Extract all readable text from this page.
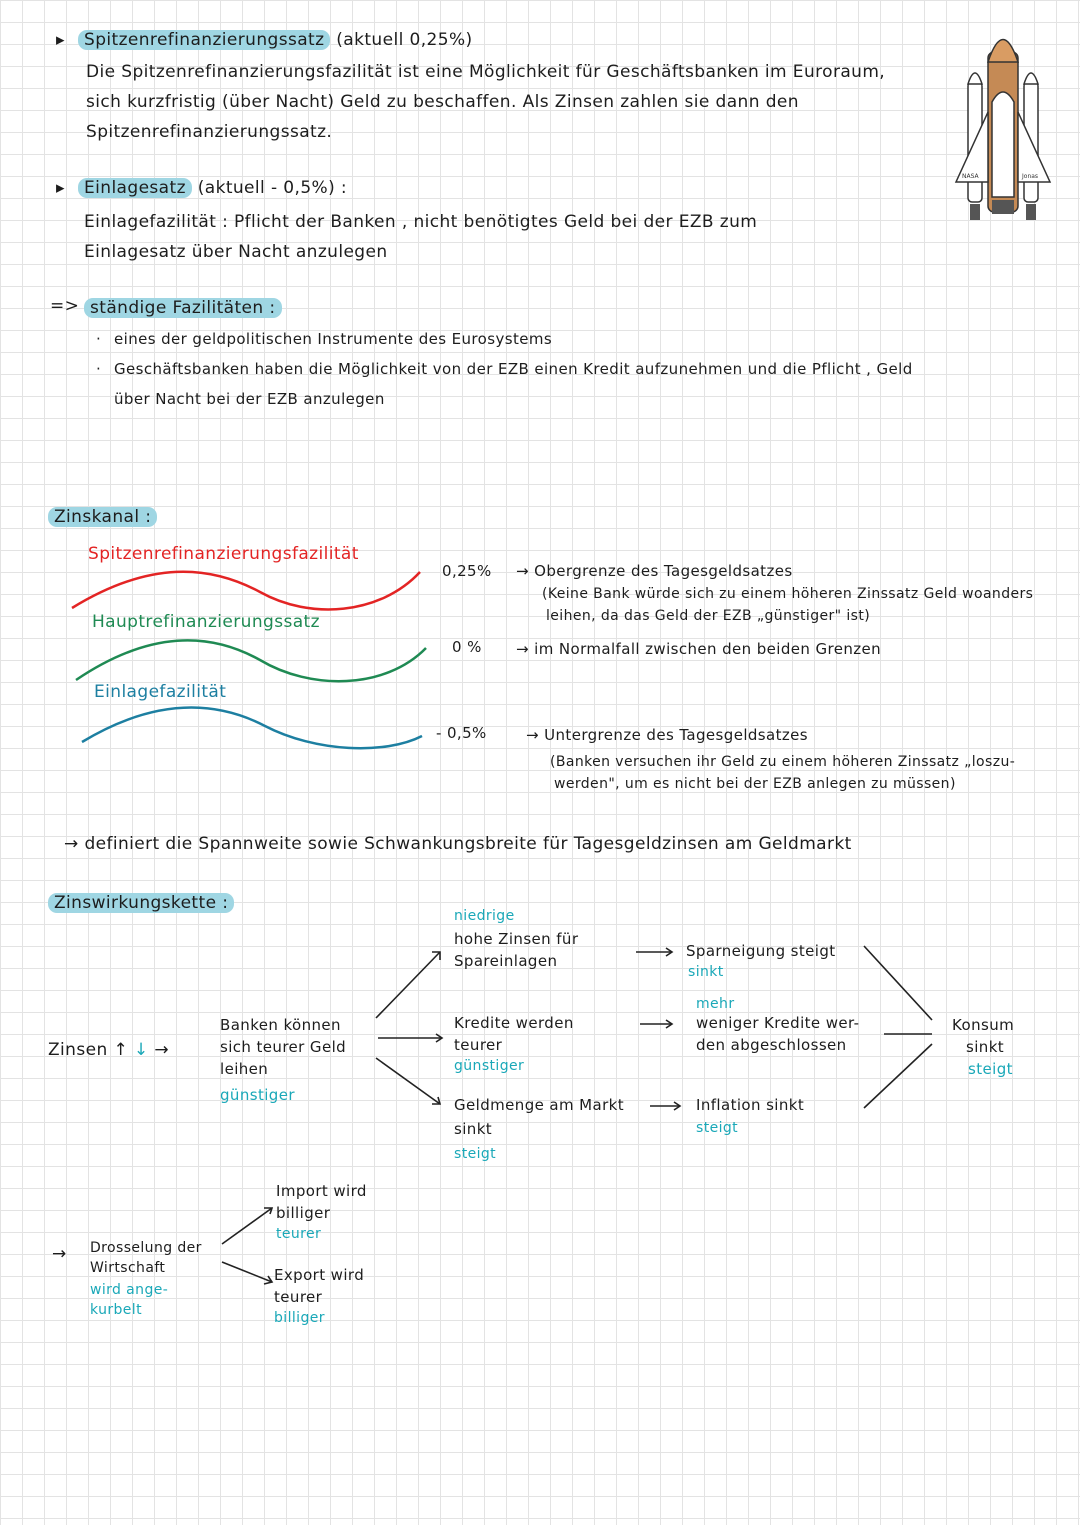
▸	Spitzenrefinanzierungssatz (aktuell 0,25%)
Die Spitzenrefinanzierungsfazilität ist eine Möglichkeit für Geschäftsbanken im Euroraum,
sich kurzfristig (über Nacht) Geld zu beschaffen. Als Zinsen zahlen sie dann den
Spitzenrefinanzierungssatz.
▸	Einlagesatz (aktuell - 0,5%) :
Einlagefazilität : Pflicht der Banken , nicht benötigtes Geld bei der EZB zum
Einlagesatz über Nacht anzulegen
=> ständige Fazilitäten :
· eines der geldpolitischen Instrumente des Eurosystems
· Geschäftsbanken haben die Möglichkeit von der EZB einen Kredit aufzunehmen und die Pflicht , Geld
über Nacht bei der EZB anzulegen
NASA	Jonas
Zinskanal :
Spitzenrefinanzierungsfazilität
Hauptrefinanzierungssatz
Einlagefazilität
0,25%
0 %
- 0,5%
→ Obergrenze des Tagesgeldsatzes
(Keine Bank würde sich zu einem höheren Zinssatz Geld woanders
leihen, da das Geld der EZB „günstiger" ist)
→ im Normalfall zwischen den beiden Grenzen
→ Untergrenze des Tagesgeldsatzes
(Banken versuchen ihr Geld zu einem höheren Zinssatz „loszu-
werden", um es nicht bei der EZB anlegen zu müssen)
→ definiert die Spannweite sowie Schwankungsbreite für Tagesgeldzinsen am Geldmarkt
Zinswirkungskette :
Zinsen ↑ ↓ →
Banken können
sich teurer Geld
leihen
günstiger
niedrige
hohe Zinsen für
Spareinlagen
Kredite werden
teurer
günstiger
Geldmenge am Markt
sinkt
steigt
Sparneigung steigt
sinkt
mehr
weniger Kredite wer-
den abgeschlossen
Inflation sinkt
steigt
Konsum
sinkt
steigt
→ Drosselung der
Wirtschaft
wird ange-
kurbelt
Import wird
billiger
teurer
Export wird
teurer
billiger
